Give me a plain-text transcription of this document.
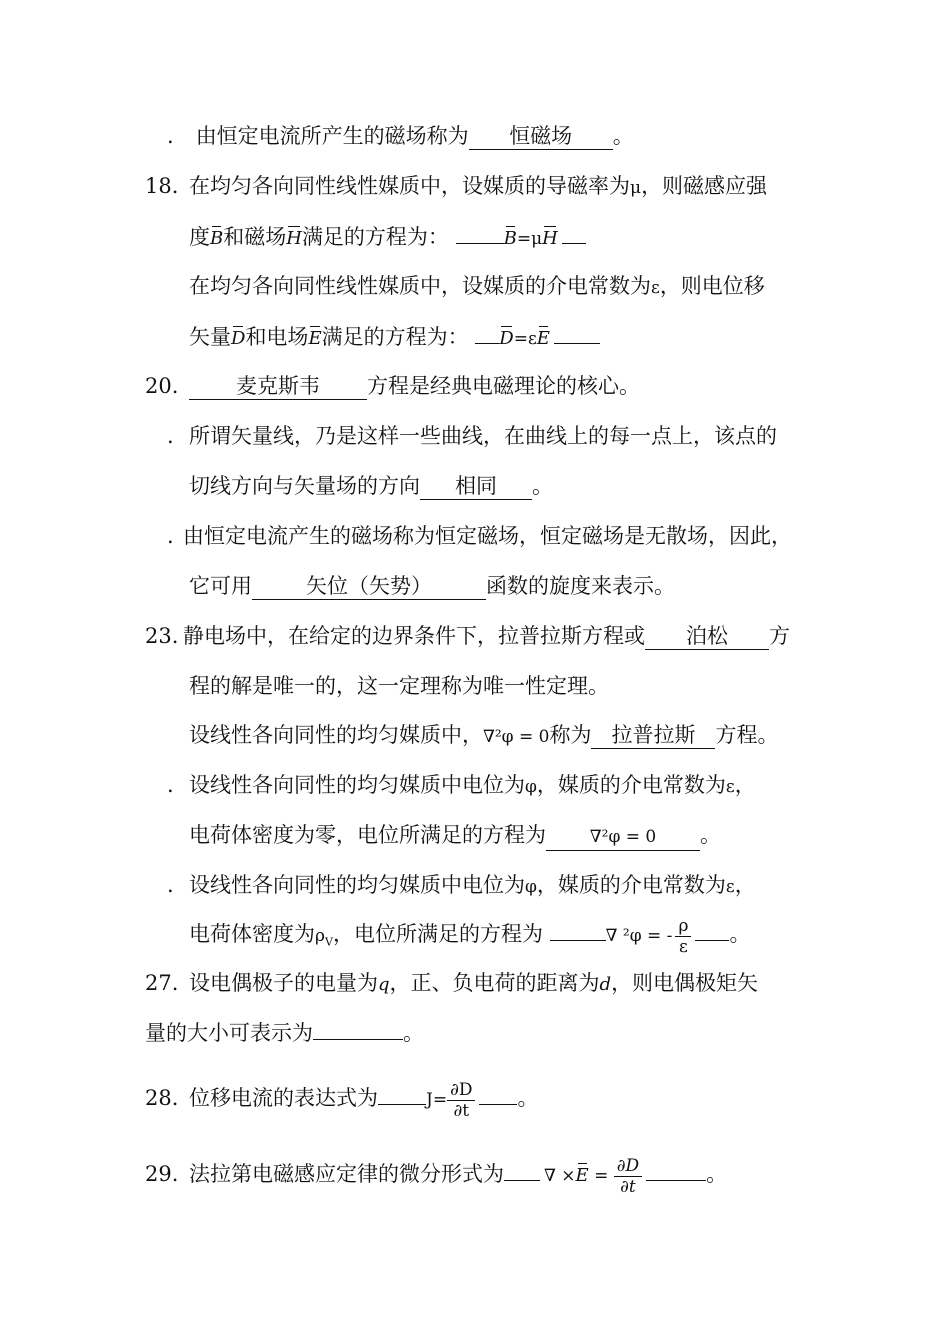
. 由恒定电流所产生的磁场称为 恒磁场 。
18. 在均匀各向同性线性媒质中，设媒质的导磁率为μ，则磁感应强
度B和磁场H满足的方程为：	B=μH
在均匀各向同性线性媒质中，设媒质的介电常数为ε，则电位移
矢量D和电场E满足的方程为： D=εE
20.	麦克斯韦 方程是经典电磁理论的核心。
. 所谓矢量线，乃是这样一些曲线，在曲线上的每一点上，该点的
切线方向与矢量场的方向 相同 。
. 由恒定电流产生的磁场称为恒定磁场，恒定磁场是无散场，因此，
它可用	矢位（矢势）	函数的旋度来表示。
23. 静电场中，在给定的边界条件下，拉普拉斯方程或 泊松 方
程的解是唯一的，这一定理称为唯一性定理。
设线性各向同性的均匀媒质中，∇²φ = 0称为 拉普拉斯 方程。
. 设线性各向同性的均匀媒质中电位为φ，媒质的介电常数为ε，
电荷体密度为零，电位所满足的方程为	∇²φ = 0 。
. 设线性各向同性的均匀媒质中电位为φ，媒质的介电常数为ε，
电荷体密度为$\rho_V$，电位所满足的方程为	∇ ²φ = - $\frac{\rho}{\varepsilon}$ 。
27. 设电偶极子的电量为q，正、负电荷的距离为d，则电偶极矩矢
量的大小可表示为	。
28. 位移电流的表达式为	$J= \frac{\partial D}{\partial t}$ 。
29. 法拉第电磁感应定律的微分形式为 ∇ $\times E = \frac{\partial D}{\partial t}$	。
